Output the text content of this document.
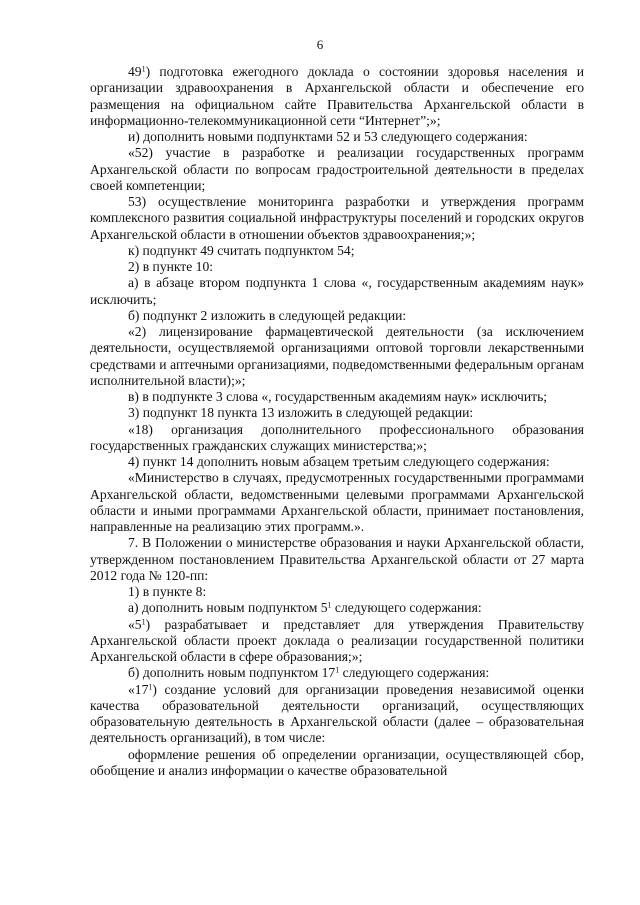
6

$49^1$) подготовка ежегодного доклада о состоянии здоровья населения и организации здравоохранения в Архангельской области и обеспечение его размещения на официальном сайте Правительства Архангельской области в информационно-телекоммуникационной сети “Интернет”;»;

и) дополнить новыми подпунктами 52 и 53 следующего содержания:

«52) участие в разработке и реализации государственных программ Архангельской области по вопросам градостроительной деятельности в пределах своей компетенции;

53) осуществление мониторинга разработки и утверждения программ комплексного развития социальной инфраструктуры поселений и городских округов Архангельской области в отношении объектов здравоохранения;»;

к) подпункт 49 считать подпунктом 54;

2) в пункте 10:

а) в абзаце втором подпункта 1 слова «, государственным академиям наук» исключить;

б) подпункт 2 изложить в следующей редакции:

«2) лицензирование фармацевтической деятельности (за исключением деятельности, осуществляемой организациями оптовой торговли лекарственными средствами и аптечными организациями, подведомственными федеральным органам исполнительной власти);»;

в) в подпункте 3 слова «, государственным академиям наук» исключить;

3) подпункт 18 пункта 13 изложить в следующей редакции:

«18) организация дополнительного профессионального образования государственных гражданских служащих министерства;»;

4) пункт 14 дополнить новым абзацем третьим следующего содержания:

«Министерство в случаях, предусмотренных государственными программами Архангельской области, ведомственными целевыми программами Архангельской области и иными программами Архангельской области, принимает постановления, направленные на реализацию этих программ.».

7. В Положении о министерстве образования и науки Архангельской области, утвержденном постановлением Правительства Архангельской области от 27 марта 2012 года № 120-пп:

1) в пункте 8:

а) дополнить новым подпунктом $5^1$ следующего содержания:

«$5^1$) разрабатывает и представляет для утверждения Правительству Архангельской области проект доклада о реализации государственной политики Архангельской области в сфере образования;»;

б) дополнить новым подпунктом $17^1$ следующего содержания:

«$17^1$) создание условий для организации проведения независимой оценки качества образовательной деятельности организаций, осуществляющих образовательную деятельность в Архангельской области (далее – образовательная деятельность организаций), в том числе:

оформление решения об определении организации, осуществляющей сбор, обобщение и анализ информации о качестве образовательной
